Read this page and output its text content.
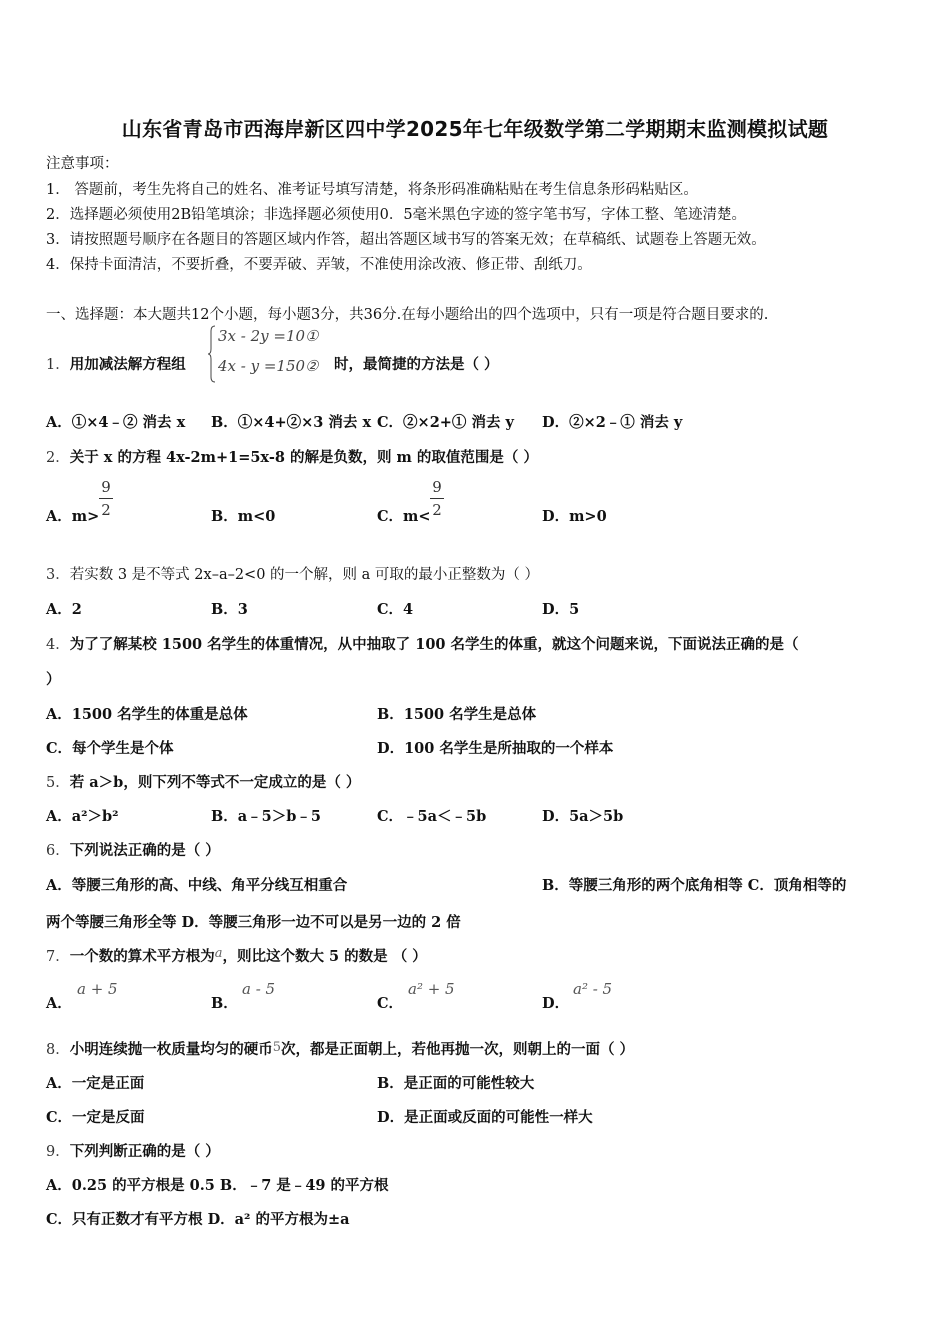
山东省青岛市西海岸新区四中学2025年七年级数学第二学期期末监测模拟试题
注意事项：
1． 答题前，考生先将自己的姓名、准考证号填写清楚，将条形码准确粘贴在考生信息条形码粘贴区。
2．选择题必须使用2B铅笔填涂；非选择题必须使用0．5毫米黑色字迹的签字笔书写，字体工整、笔迹清楚。
3．请按照题号顺序在各题目的答题区域内作答，超出答题区域书写的答案无效；在草稿纸、试题卷上答题无效。
4．保持卡面清洁，不要折叠，不要弄破、弄皱，不准使用涂改液、修正带、刮纸刀。
一、选择题：本大题共12个小题，每小题3分，共36分.在每小题给出的四个选项中，只有一项是符合题目要求的.
1．用加减法解方程组
3x - 2y =10①
4x - y =150② 时，最简捷的方法是（ ）
A．①×4﹣② 消去 x B．①×4+②×3 消去 x C．②×2+① 消去 y D．②×2﹣① 消去 y
2．关于 x 的方程 4x-2m+1=5x-8 的解是负数，则 m 的取值范围是（ ）
A．m>
9
2	B．m<0	C．m<
9
2	D．m>0
3．若实数 3 是不等式 2x–a–2<0 的一个解，则 a 可取的最小正整数为（ ）
A．2	B．3	C．4	D．5
4．为了了解某校 1500 名学生的体重情况，从中抽取了 100 名学生的体重，就这个问题来说，下面说法正确的是（
）
A．1500 名学生的体重是总体	B．1500 名学生是总体
C．每个学生是个体	D．100 名学生是所抽取的一个样本
5．若 a＞b，则下列不等式不一定成立的是（ ）
A．a²＞b²	B．a﹣5＞b﹣5	C．﹣5a＜﹣5b	D．5a＞5b
6．下列说法正确的是（ ）
A．等腰三角形的高、中线、角平分线互相重合	B．等腰三角形的两个底角相等 C．顶角相等的
两个等腰三角形全等 D．等腰三角形一边不可以是另一边的 2 倍
7．一个数的算术平方根为a，则比这个数大 5 的数是 （ ）
A．
a + 5
B．
a - 5
C．
a² + 5
D．
a² - 5
8．小明连续抛一枚质量均匀的硬币5次，都是正面朝上，若他再抛一次，则朝上的一面（ ）
A．一定是正面	B．是正面的可能性较大
C．一定是反面	D．是正面或反面的可能性一样大
9．下列判断正确的是（ ）
A．0.25 的平方根是 0.5 B．﹣7 是﹣49 的平方根
C．只有正数才有平方根 D．a² 的平方根为±a
